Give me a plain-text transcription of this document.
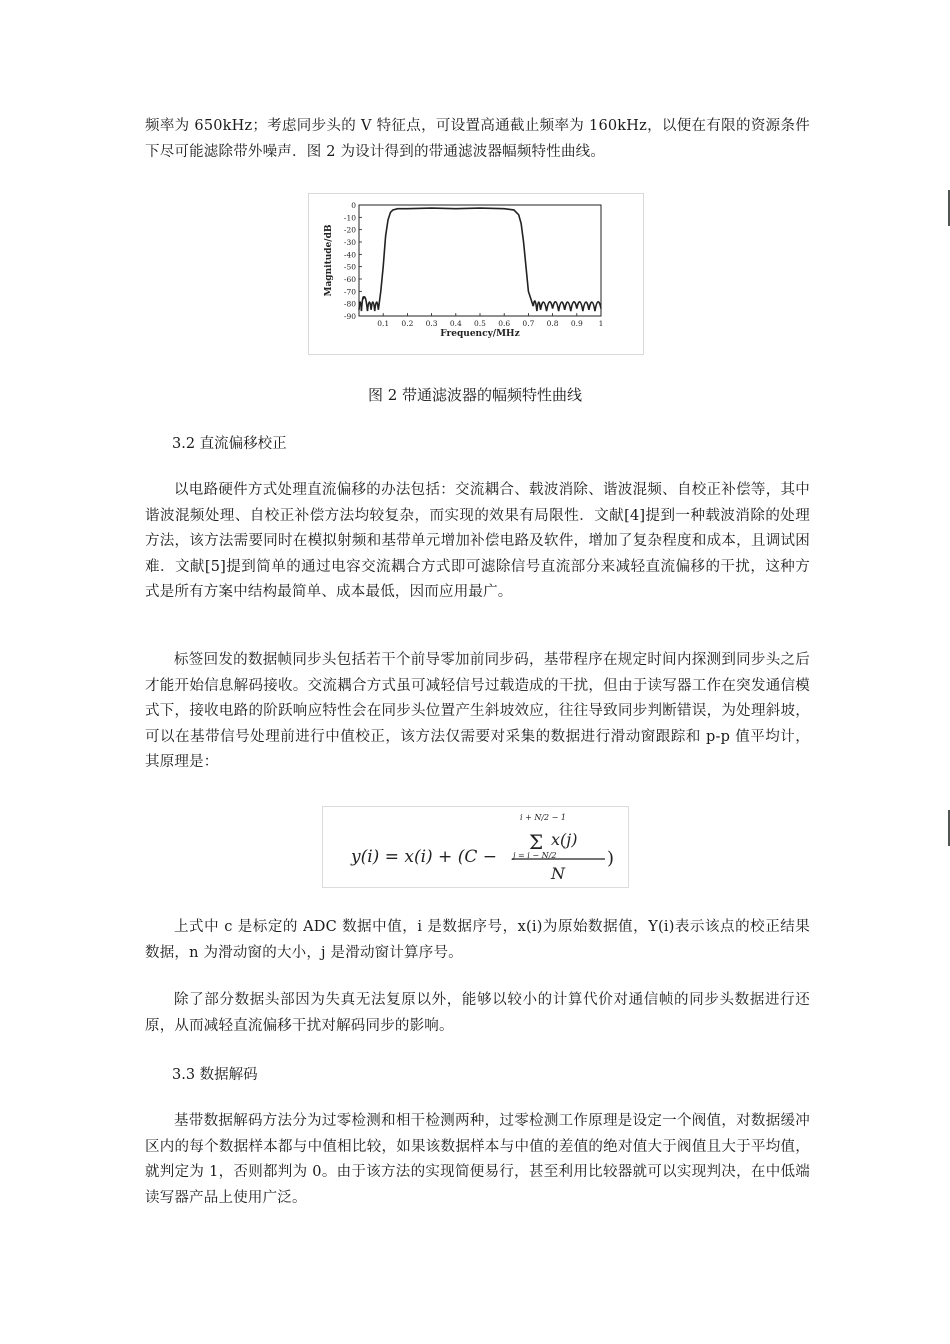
频率为 650kHz；考虑同步头的 V 特征点，可设置高通截止频率为 160kHz，以便在有限的资源条件下尽可能滤除带外噪声．图 2 为设计得到的带通滤波器幅频特性曲线。

0
-10
-20
-30
-40
-50
-60
-70
-80
-90
0.1 0.2 0.3 0.4 0.5 0.6 0.7 0.8 0.9 1
Magnitude/dB
Frequency/MHz

图 2 带通滤波器的幅频特性曲线

3.2 直流偏移校正

以电路硬件方式处理直流偏移的办法包括：交流耦合、载波消除、谐波混频、自校正补偿等，其中谐波混频处理、自校正补偿方法均较复杂，而实现的效果有局限性．文献[4]提到一种载波消除的处理方法，该方法需要同时在模拟射频和基带单元增加补偿电路及软件，增加了复杂程度和成本，且调试困难．文献[5]提到简单的通过电容交流耦合方式即可滤除信号直流部分来减轻直流偏移的干扰，这种方式是所有方案中结构最简单、成本最低，因而应用最广。

标签回发的数据帧同步头包括若干个前导零加前同步码，基带程序在规定时间内探测到同步头之后才能开始信息解码接收。交流耦合方式虽可减轻信号过载造成的干扰，但由于读写器工作在突发通信模式下，接收电路的阶跃响应特性会在同步头位置产生斜坡效应，往往导致同步判断错误，为处理斜坡，可以在基带信号处理前进行中值校正，该方法仅需要对采集的数据进行滑动窗跟踪和 p-p 值平均计，其原理是：

y(i) = x(i) + (C −
i + N/2 − 1
Σ x(j)
j = i − N/2
N
)

上式中 c 是标定的 ADC 数据中值，i 是数据序号，x(i)为原始数据值，Y(i)表示该点的校正结果数据，n 为滑动窗的大小，j 是滑动窗计算序号。

除了部分数据头部因为失真无法复原以外，能够以较小的计算代价对通信帧的同步头数据进行还原，从而减轻直流偏移干扰对解码同步的影响。

3.3 数据解码

基带数据解码方法分为过零检测和相干检测两种，过零检测工作原理是设定一个阀值，对数据缓冲区内的每个数据样本都与中值相比较，如果该数据样本与中值的差值的绝对值大于阀值且大于平均值，就判定为 1，否则都判为 0。由于该方法的实现简便易行，甚至利用比较器就可以实现判决，在中低端读写器产品上使用广泛。
